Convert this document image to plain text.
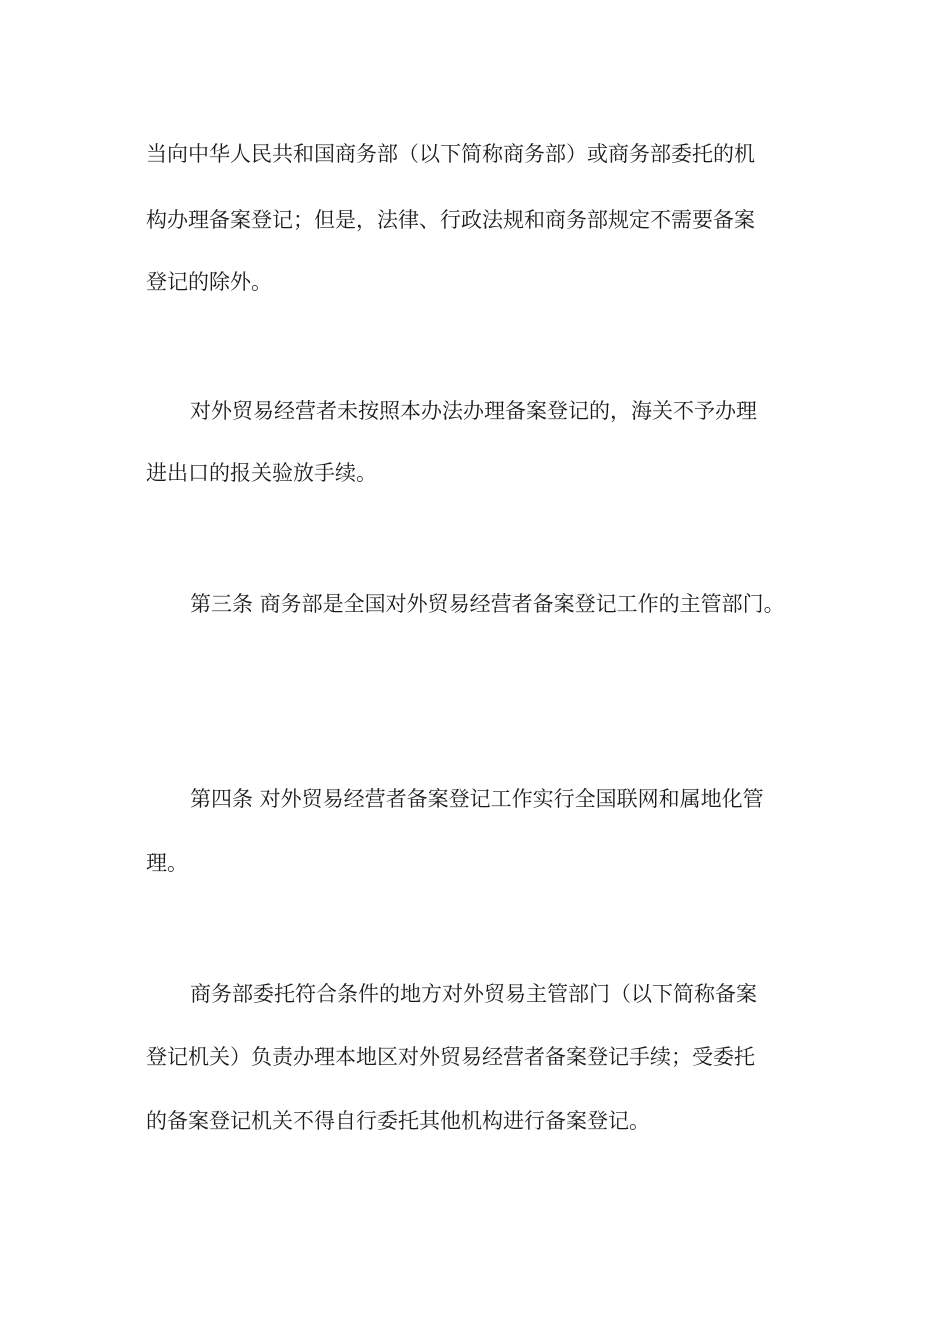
当向中华人民共和国商务部（以下简称商务部）或商务部委托的机

构办理备案登记；但是，法律、行政法规和商务部规定不需要备案

登记的除外。

对外贸易经营者未按照本办法办理备案登记的，海关不予办理

进出口的报关验放手续。

第三条 商务部是全国对外贸易经营者备案登记工作的主管部门。

第四条 对外贸易经营者备案登记工作实行全国联网和属地化管

理。

商务部委托符合条件的地方对外贸易主管部门（以下简称备案

登记机关）负责办理本地区对外贸易经营者备案登记手续；受委托

的备案登记机关不得自行委托其他机构进行备案登记。
